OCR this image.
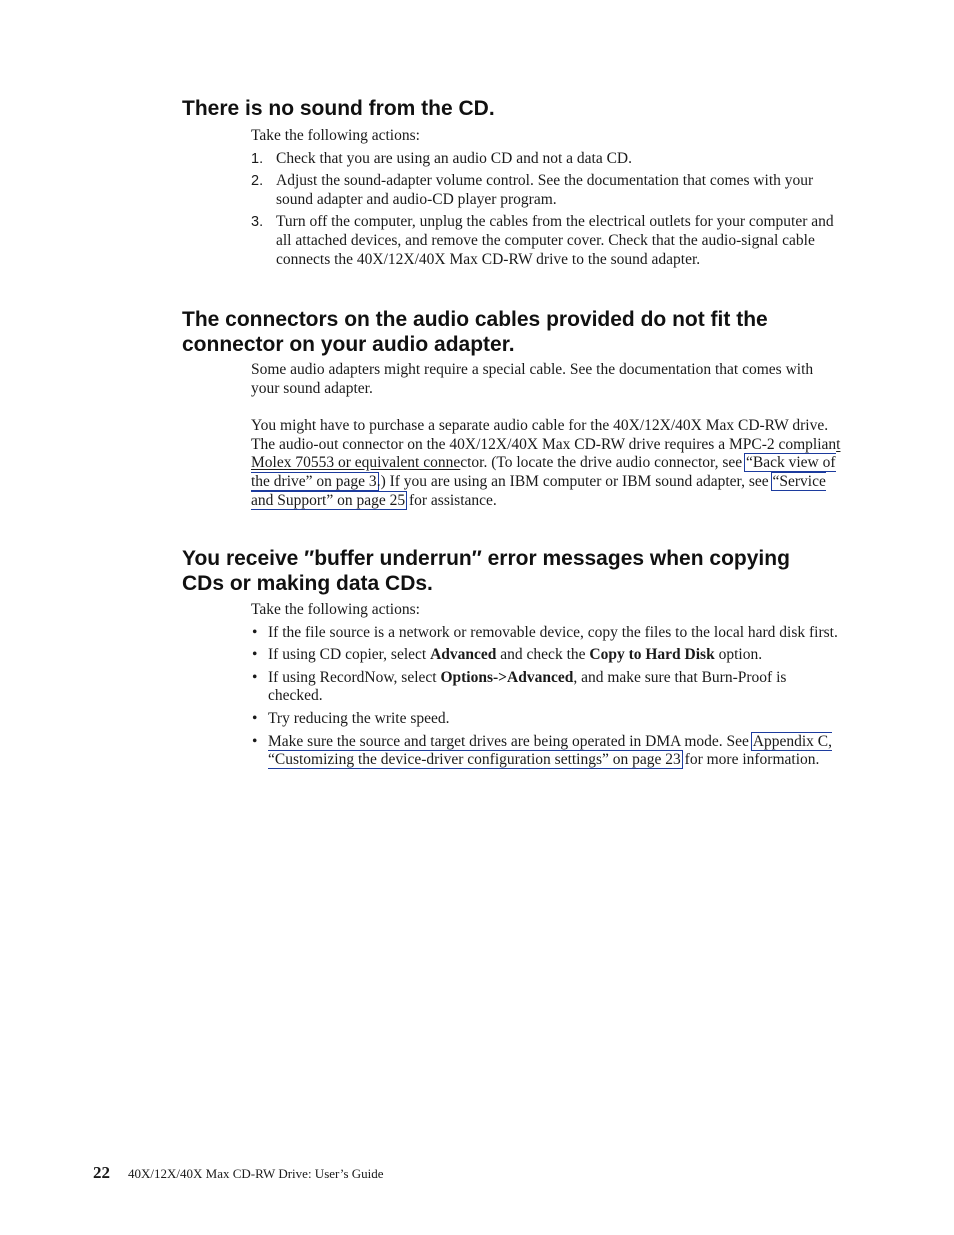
There is no sound from the CD.

Take the following actions:

1. Check that you are using an audio CD and not a data CD.
2. Adjust the sound-adapter volume control. See the documentation that comes with your sound adapter and audio-CD player program.
3. Turn off the computer, unplug the cables from the electrical outlets for your computer and all attached devices, and remove the computer cover. Check that the audio-signal cable connects the 40X/12X/40X Max CD-RW drive to the sound adapter.
The connectors on the audio cables provided do not fit the
connector on your audio adapter.

Some audio adapters might require a special cable. See the documentation that comes with your sound adapter.

You might have to purchase a separate audio cable for the 40X/12X/40X Max CD-RW drive. The audio-out connector on the 40X/12X/40X Max CD-RW drive requires a MPC-2 compliant Molex 70553 or equivalent connector. (To locate the drive audio connector, see “Back view of the drive” on page 3.) If you are using an IBM computer or IBM sound adapter, see “Service and Support” on page 25 for assistance.

You receive ″buffer underrun″ error messages when copying
CDs or making data CDs.

Take the following actions:

• If the file source is a network or removable device, copy the files to the local hard disk first.
• If using CD copier, select Advanced and check the Copy to Hard Disk option.
• If using RecordNow, select Options->Advanced, and make sure that Burn-Proof is checked.
• Try reducing the write speed.
• Make sure the source and target drives are being operated in DMA mode. See Appendix C, “Customizing the device-driver configuration settings” on page 23 for more information.
22 40X/12X/40X Max CD-RW Drive: User’s Guide
